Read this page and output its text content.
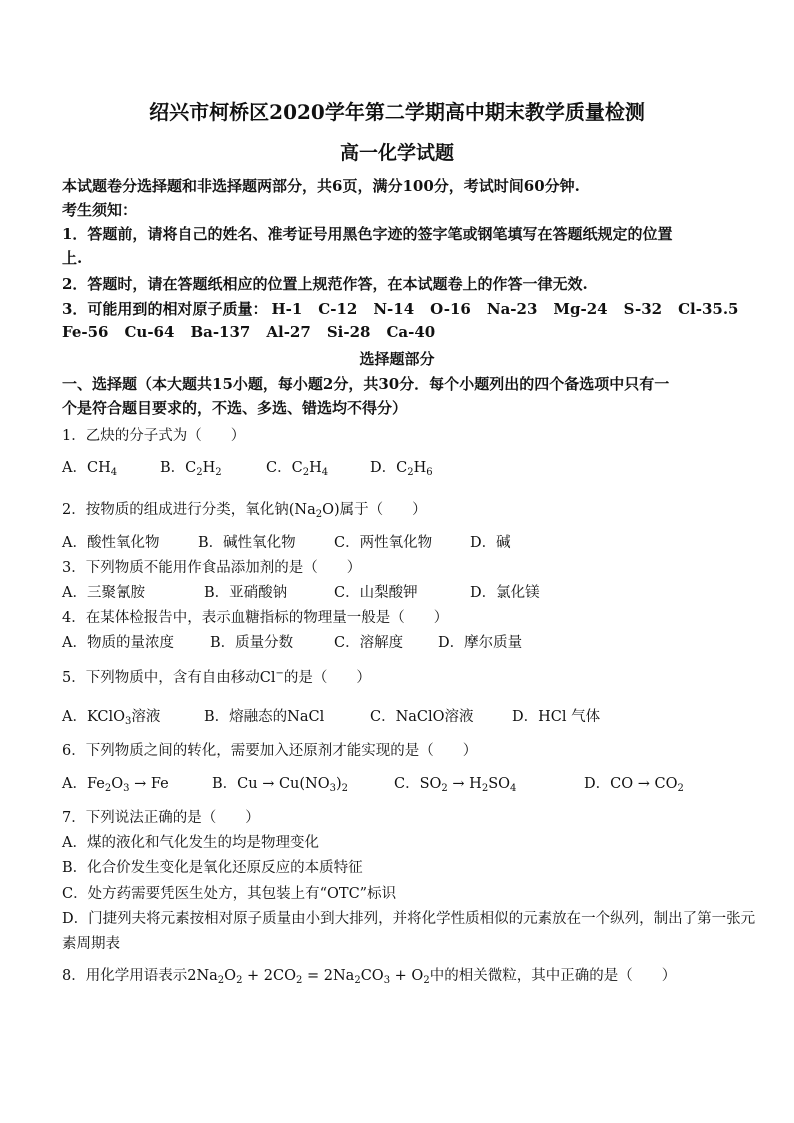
绍兴市柯桥区2020学年第二学期高中期末教学质量检测
高一化学试题
本试题卷分选择题和非选择题两部分，共6页，满分100分，考试时间60分钟.
考生须知：
1．答题前，请将自己的姓名、准考证号用黑色字迹的签字笔或钢笔填写在答题纸规定的位置
上.
2．答题时，请在答题纸相应的位置上规范作答，在本试题卷上的作答一律无效.
3．可能用到的相对原子质量： H-1 C-12 N-14 O-16 Na-23 Mg-24 S-32 Cl-35.5
Fe-56 Cu-64 Ba-137 Al-27 Si-28 Ca-40
选择题部分
一、选择题（本大题共15小题，每小题2分，共30分．每个小题列出的四个备选项中只有一
个是符合题目要求的，不选、多选、错选均不得分）
1．乙炔的分子式为（　　）
A．$CH_4$	B．$C_2H_2$	C．$C_2H_4$	D．$C_2H_6$
2．按物质的组成进行分类，氧化钠$(Na_2O)$属于（　　）
A．酸性氧化物	B．碱性氧化物	C．两性氧化物	D．碱
3．下列物质不能用作食品添加剂的是（　　）
A．三聚氰胺	B．亚硝酸钠	C．山梨酸钾	D．氯化镁
4．在某体检报告中，表示血糖指标的物理量一般是（　　）
A．物质的量浓度 B．质量分数	C．溶解度 D．摩尔质量
5．下列物质中，含有自由移动Cl−的是（　　）
A．KClO$_3$溶液	B．熔融态的NaCl	C．NaClO溶液	D．HCl 气体
6．下列物质之间的转化，需要加入还原剂才能实现的是（　　）
A．$Fe_2O_3 \to Fe$	B．$Cu \to Cu(NO_3)_2$	C．$SO_2 \to H_2SO_4$	D．CO → $CO_2$
7．下列说法正确的是（　　）
A．煤的液化和气化发生的均是物理变化
B．化合价发生变化是氧化还原反应的本质特征
C．处方药需要凭医生处方，其包装上有“OTC”标识
D．门捷列夫将元素按相对原子质量由小到大排列，并将化学性质相似的元素放在一个纵列，制出了第一张元
素周期表
8．用化学用语表示$2Na_2O_2 + 2CO_2 = 2Na_2CO_3 + O_2$中的相关微粒，其中正确的是（　　）
